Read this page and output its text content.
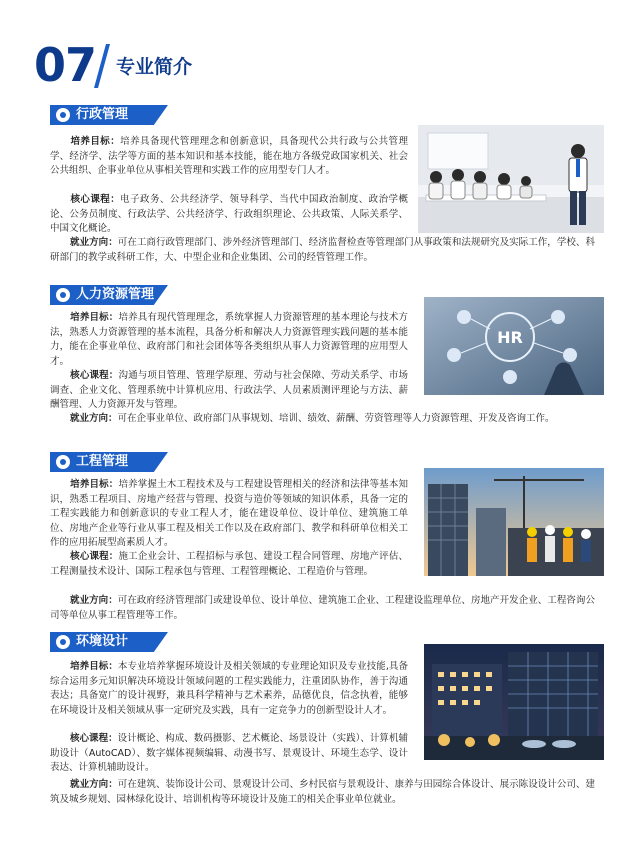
07 专业简介
行政管理
培养目标：培养具备现代管理理念和创新意识，具备现代公共行政与公共管理学、经济学、法学等方面的基本知识和基本技能，能在地方各级党政国家机关、社会公共组织、企事业单位从事相关管理和实践工作的应用型专门人才。
核心课程：电子政务、公共经济学、领导科学、当代中国政治制度、政治学概论、公务员制度、行政法学、公共经济学、行政组织理论、公共政策、人际关系学、中国文化概论。
就业方向：可在工商行政管理部门、涉外经济管理部门、经济监督检查等管理部门从事政策和法规研究及实际工作，学校、科研部门的教学或科研工作，大、中型企业和企业集团、公司的经管管理工作。
人力资源管理
培养目标：培养具有现代管理理念，系统掌握人力资源管理的基本理论与技术方法，熟悉人力资源管理的基本流程，具备分析和解决人力资源管理实践问题的基本能力，能在企事业单位、政府部门和社会团体等各类组织从事人力资源管理的应用型人才。
核心课程：沟通与项目管理、管理学原理、劳动与社会保障、劳动关系学、市场调查、企业文化、管理系统中计算机应用、行政法学、人员素质测评理论与方法、薪酬管理、人力资源开发与管理。
就业方向：可在企事业单位、政府部门从事规划、培训、绩效、薪酬、劳资管理等人力资源管理、开发及咨询工作。
HR
工程管理
培养目标：培养掌握土木工程技术及与工程建设管理相关的经济和法律等基本知识，熟悉工程项目、房地产经营与管理、投资与造价等领域的知识体系，具备一定的工程实践能力和创新意识的专业工程人才，能在建设单位、设计单位、建筑施工单位、房地产企业等行业从事工程及相关工作以及在政府部门、教学和科研单位相关工作的应用拓展型高素质人才。
核心课程：施工企业会计、工程招标与承包、建设工程合同管理、房地产评估、工程测量技术设计、国际工程承包与管理、工程管理概论、工程造价与管理。
就业方向：可在政府经济管理部门或建设单位、设计单位、建筑施工企业、工程建设监理单位、房地产开发企业、工程咨询公司等单位从事工程管理等工作。
环境设计
培养目标：本专业培养掌握环境设计及相关领域的专业理论知识及专业技能,具备综合运用多元知识解决环境设计领域问题的工程实践能力，注重团队协作，善于沟通表达；具备宽广的设计视野，兼具科学精神与艺术素养，品德优良，信念执着，能够在环境设计及相关领域从事一定研究及实践，具有一定竞争力的创新型设计人才。
核心课程：设计概论、构成、数码摄影、艺术概论、场景设计（实践）、计算机辅助设计（AutoCAD）、数字媒体视频编辑、动漫书写、景观设计、环境生态学、设计表达、计算机辅助设计。
就业方向：可在建筑、装饰设计公司、景观设计公司、乡村民宿与景观设计、康养与田园综合体设计、展示陈设设计公司、建筑及城乡规划、园林绿化设计、培训机构等环境设计及施工的相关企事业单位就业。
